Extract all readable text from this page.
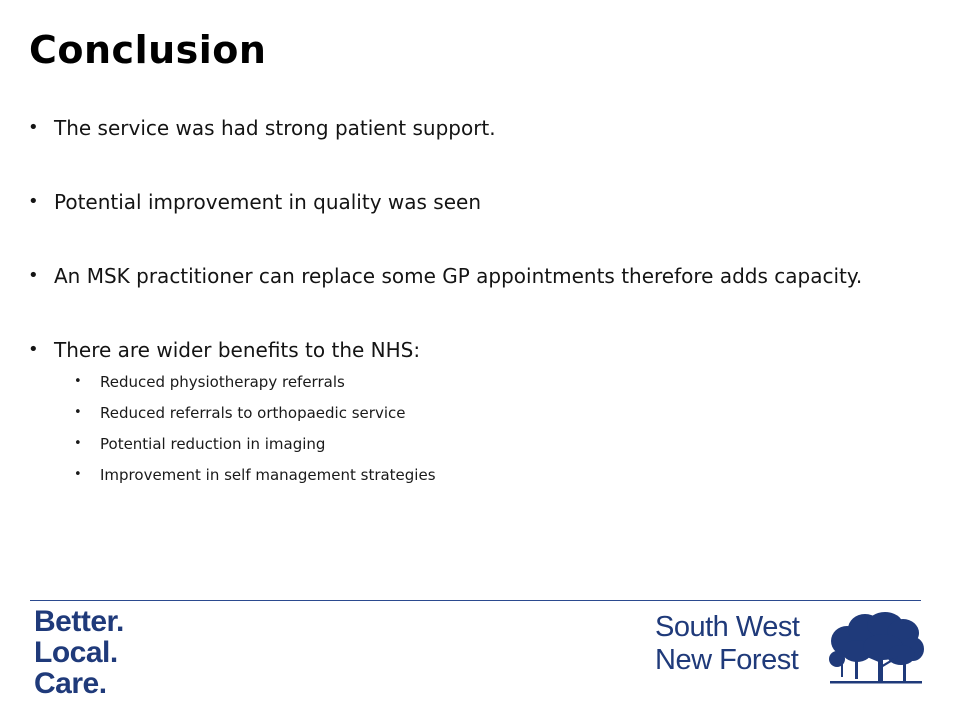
Conclusion
• The service was had strong patient support.
• Potential improvement in quality was seen
• An MSK practitioner can replace some GP appointments therefore adds capacity.
• There are wider benefits to the NHS:
• Reduced physiotherapy referrals
• Reduced referrals to orthopaedic service
• Potential reduction in imaging
• Improvement in self management strategies
Better.
Local.
Care.
South West
New Forest
